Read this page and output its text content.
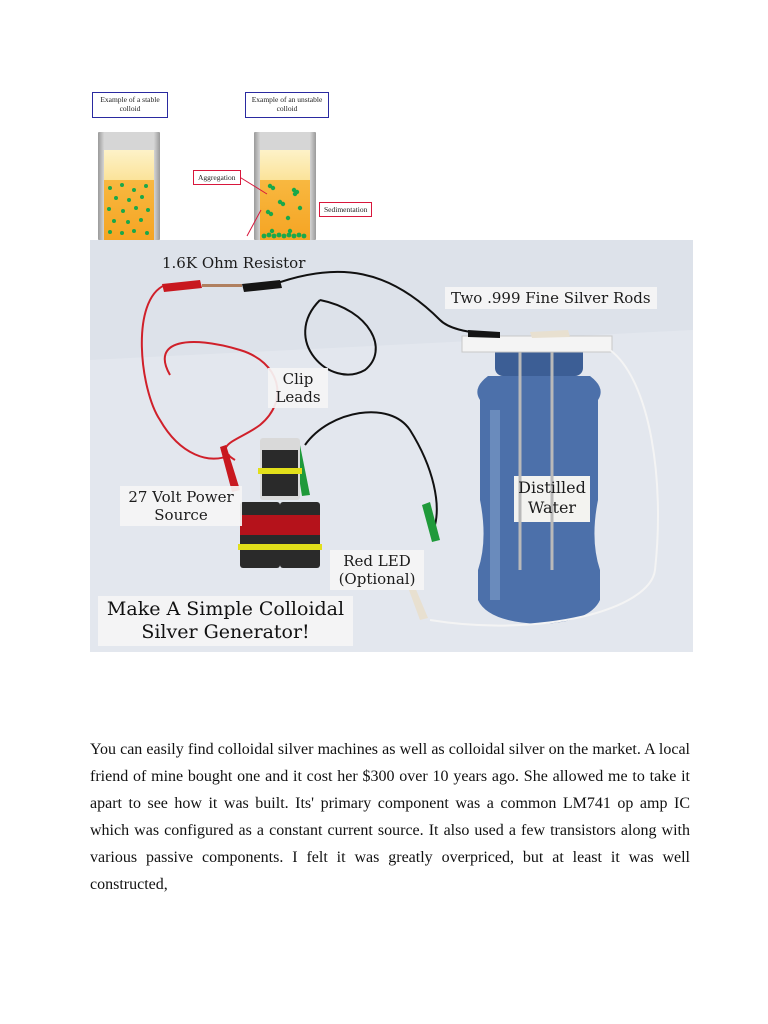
Example of a stable colloid
Example of an unstable colloid
Aggregation
Sedimentation
1.6K Ohm Resistor
Two .999 Fine Silver Rods
Clip Leads
27 Volt Power Source
Red LED (Optional)
Distilled Water
Make A Simple Colloidal Silver Generator!

You can easily find colloidal silver machines as well as colloidal silver on the market. A local friend of mine bought one and it cost her $300 over 10 years ago. She allowed me to take it apart to see how it was built. Its' primary component was a common LM741 op amp IC which was configured as a constant current source. It also used a few transistors along with various passive components. I felt it was greatly overpriced, but at least it was well constructed,
